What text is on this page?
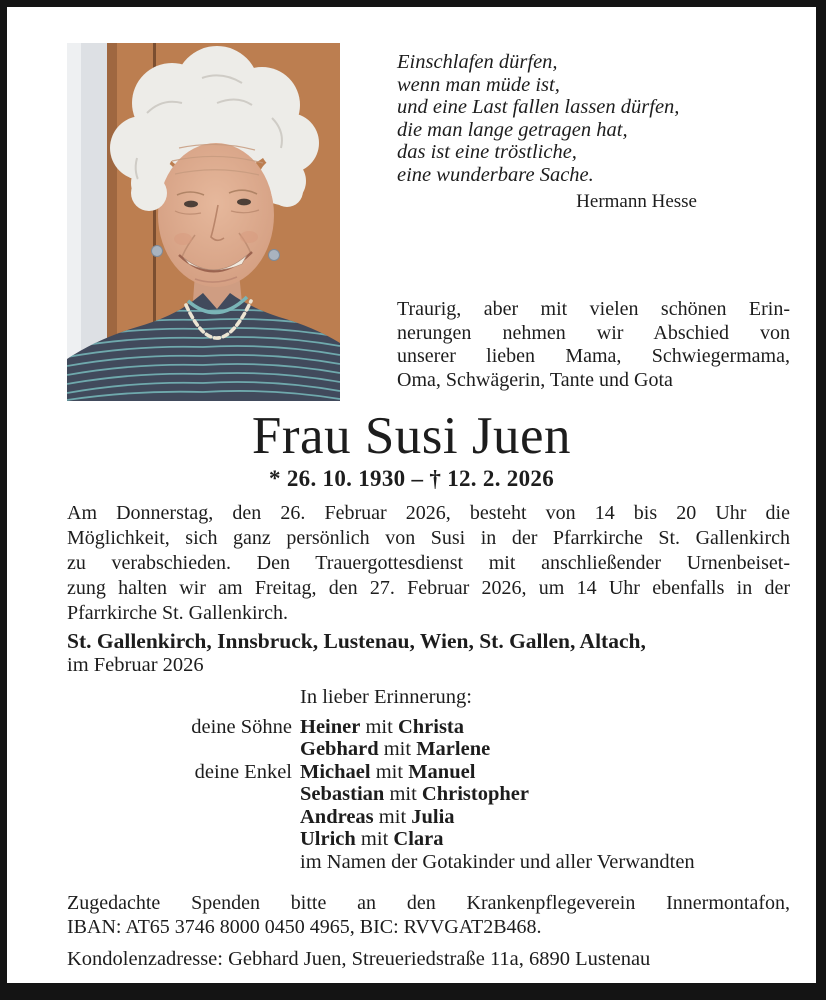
Einschlafen dürfen,
wenn man müde ist,
und eine Last fallen lassen dürfen,
die man lange getragen hat,
das ist eine tröstliche,
eine wunderbare Sache.
Hermann Hesse
Traurig, aber mit vielen schönen Erin-
nerungen nehmen wir Abschied von
unserer lieben Mama, Schwiegermama,
Oma, Schwägerin, Tante und Gota
Frau Susi Juen
* 26. 10. 1930 – † 12. 2. 2026
Am Donnerstag, den 26. Februar 2026, besteht von 14 bis 20 Uhr die
Möglichkeit, sich ganz persönlich von Susi in der Pfarrkirche St. Gallenkirch
zu verabschieden. Den Trauergottesdienst mit anschließender Urnenbeiset-
zung halten wir am Freitag, den 27. Februar 2026, um 14 Uhr ebenfalls in der
Pfarrkirche St. Gallenkirch.
St. Gallenkirch, Innsbruck, Lustenau, Wien, St. Gallen, Altach,
im Februar 2026
In lieber Erinnerung:
deine Söhne Heiner mit Christa
Gebhard mit Marlene
deine Enkel Michael mit Manuel
Sebastian mit Christopher
Andreas mit Julia
Ulrich mit Clara
im Namen der Gotakinder und aller Verwandten
Zugedachte Spenden bitte an den Krankenpflegeverein Innermontafon,
IBAN: AT65 3746 8000 0450 4965, BIC: RVVGAT2B468.
Kondolenzadresse: Gebhard Juen, Streueriedstraße 11a, 6890 Lustenau
